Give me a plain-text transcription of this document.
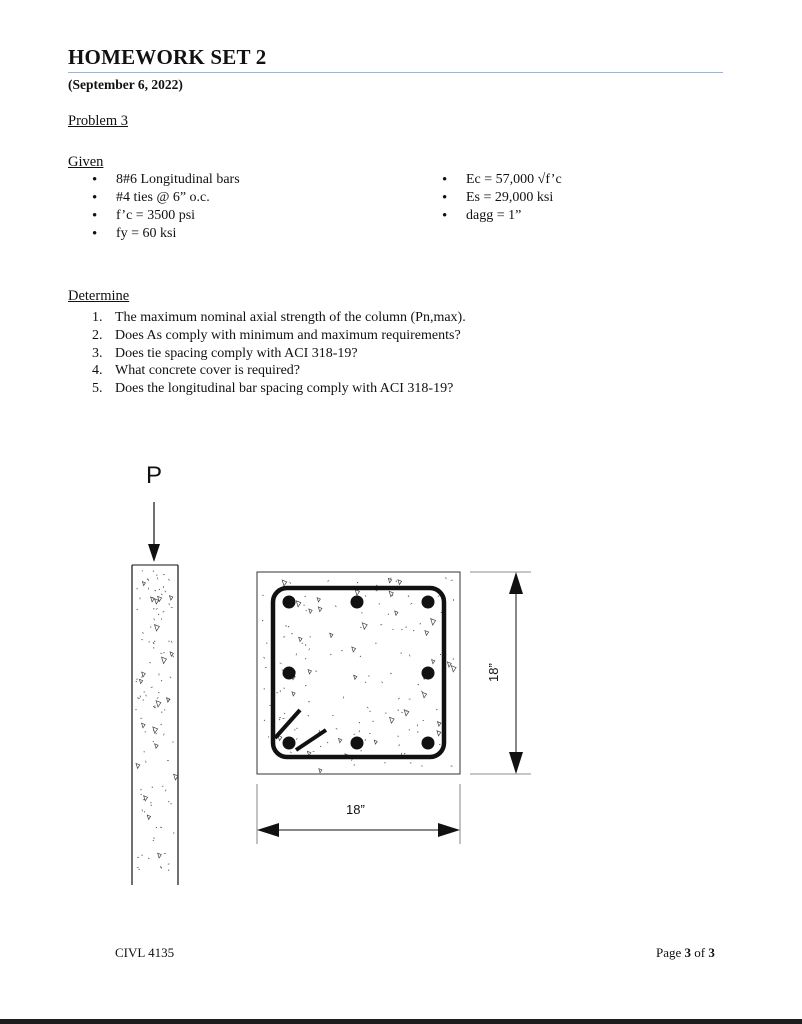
HOMEWORK SET 2
(September 6, 2022)
Problem 3
Given
• 8#6 Longitudinal bars
• #4 ties @ 6” o.c.
• f’c = 3500 psi
• fy = 60 ksi
• Ec = 57,000 √f’c
• Es = 29,000 ksi
• dagg = 1”
Determine
1. The maximum nominal axial strength of the column (Pn,max).
2. Does As comply with minimum and maximum requirements?
3. Does tie spacing comply with ACI 318-19?
4. What concrete cover is required?
5. Does the longitudinal bar spacing comply with ACI 318-19?
P
18”
18”
CIVL 4135	Page 3 of 3
